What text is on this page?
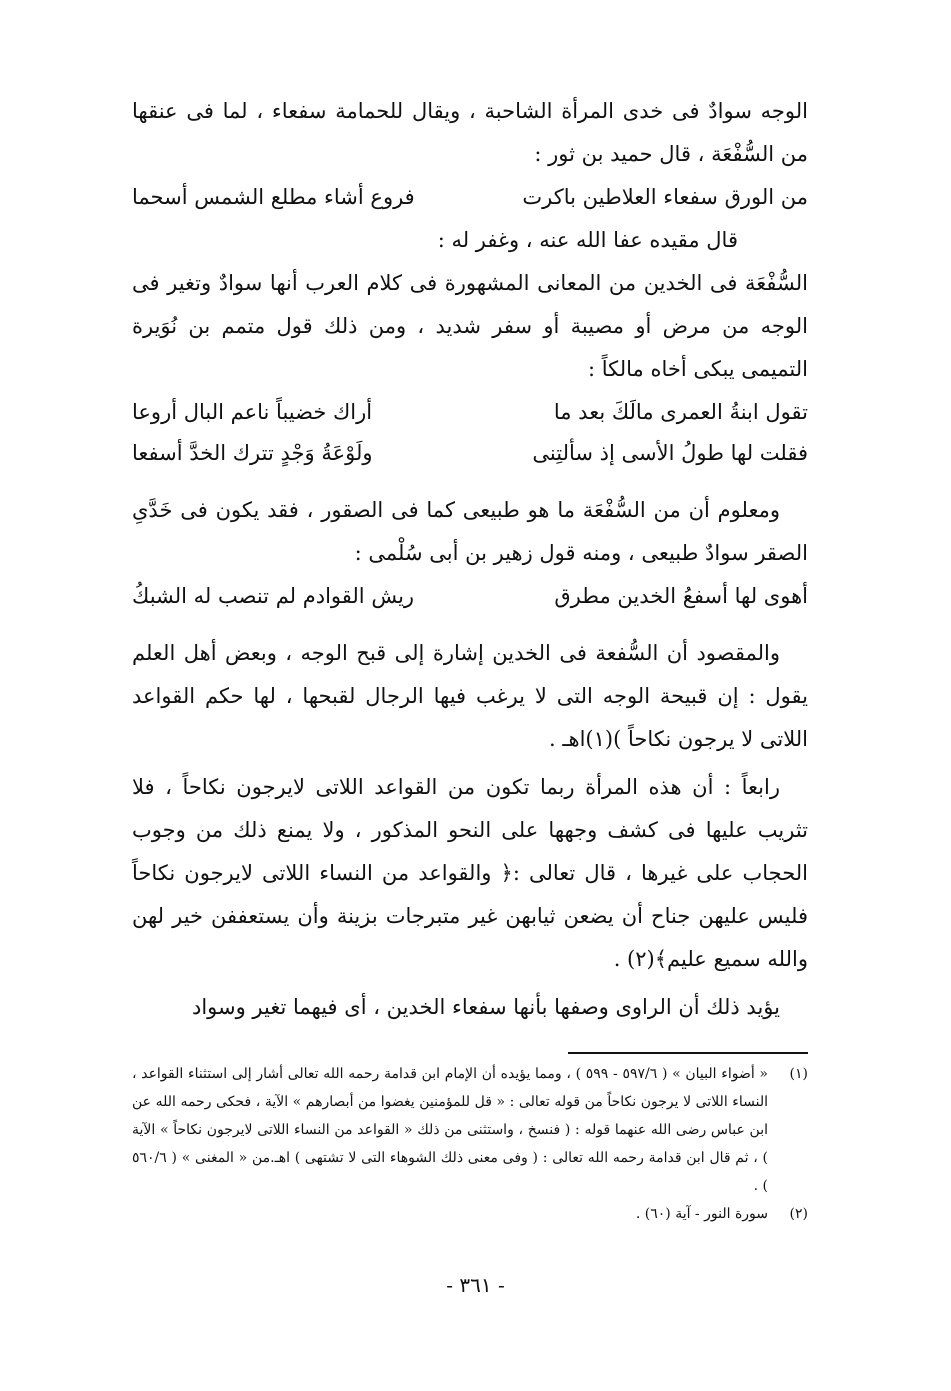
الوجه سوادٌ فى خدى المرأة الشاحبة ، ويقال للحمامة سفعاء ، لما فى عنقها من السُّفْعَة ، قال حميد بن ثور :

من الورق سفعاء العلاطين باكرت
فروع أشاء مطلع الشمس أسحما

قال مقيده عفا الله عنه ، وغفر له :

السُّفْعَة فى الخدين من المعانى المشهورة فى كلام العرب أنها سوادٌ وتغير فى الوجه من مرض أو مصيبة أو سفر شديد ، ومن ذلك قول متمم بن نُوَيرة التميمى يبكى أخاه مالكاً :

تقول ابنةُ العمرى مالَكَ بعد ما
أراك خضيباً ناعم البال أروعا
فقلت لها طولُ الأسى إذ سألتِنى
ولَوْعَةُ وَجْدٍ تترك الخدَّ أسفعا

ومعلوم أن من السُّفْعَة ما هو طبيعى كما فى الصقور ، فقد يكون فى خَدَّىِ الصقر سوادٌ طبيعى ، ومنه قول زهير بن أبى سُلْمى :

أهوى لها أسفعُ الخدين مطرق
ريش القوادم لم تنصب له الشبكُ

والمقصود أن السُّفعة فى الخدين إشارة إلى قبح الوجه ، وبعض أهل العلم يقول : إن قبيحة الوجه التى لا يرغب فيها الرجال لقبحها ، لها حكم القواعد اللاتى لا يرجون نكاحاً )(١)اهـ .

رابعاً : أن هذه المرأة ربما تكون من القواعد اللاتى لايرجون نكاحاً ، فلا تثريب عليها فى كشف وجهها على النحو المذكور ، ولا يمنع ذلك من وجوب الحجاب على غيرها ، قال تعالى :﴿ والقواعد من النساء اللاتى لايرجون نكاحاً فليس عليهن جناح أن يضعن ثيابهن غير متبرجات بزينة وأن يستعففن خير لهن والله سميع عليم﴾(٢) .

يؤيد ذلك أن الراوى وصفها بأنها سفعاء الخدين ، أى فيهما تغير وسواد

(١)
« أضواء البيان » ( ٥٩٧/٦ - ٥٩٩ ) ، ومما يؤيده أن الإمام ابن قدامة رحمه الله تعالى أشار إلى استثناء القواعد ، النساء اللاتى لا يرجون نكاحاً من قوله تعالى : « قل للمؤمنين يغضوا من أبصارهم » الآية ، فحكى رحمه الله عن ابن عباس رضى الله عنهما قوله : ( فنسخ ، واستثنى من ذلك « القواعد من النساء اللاتى لايرجون نكاحاً » الآية ) ، ثم قال ابن قدامة رحمه الله تعالى : ( وفى معنى ذلك الشوهاء التى لا تشتهى ) اهـ.من « المغنى » ( ٥٦٠/٦ ) .
(٢)
سورة النور - آية (٦٠) .
- ٣٦١ -
